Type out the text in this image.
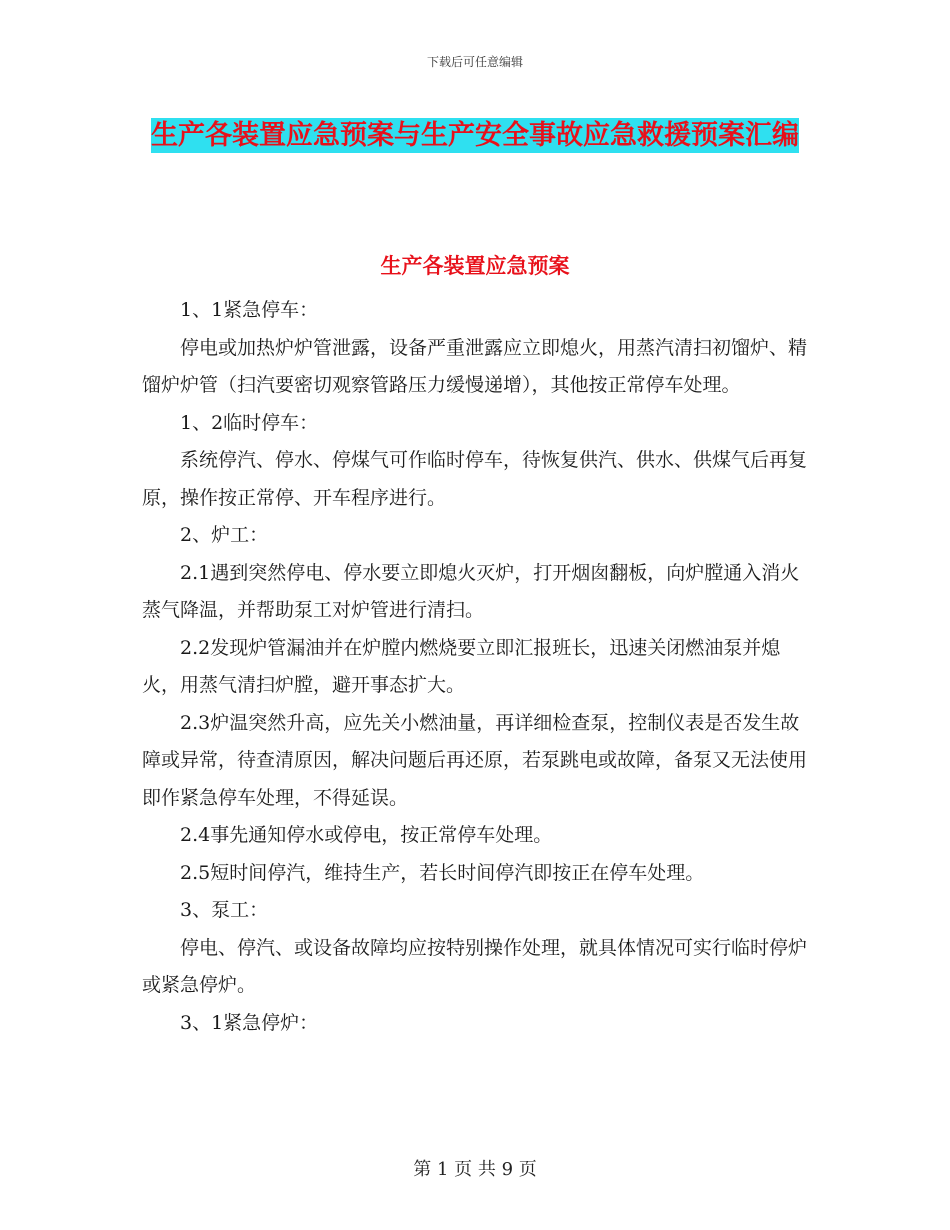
下载后可任意编辑
生产各装置应急预案与生产安全事故应急救援预案汇编
生产各装置应急预案

1、1紧急停车：

停电或加热炉炉管泄露，设备严重泄露应立即熄火，用蒸汽清扫初馏炉、精馏炉炉管（扫汽要密切观察管路压力缓慢递增），其他按正常停车处理。

1、2临时停车：

系统停汽、停水、停煤气可作临时停车，待恢复供汽、供水、供煤气后再复原，操作按正常停、开车程序进行。

2、炉工：

2.1遇到突然停电、停水要立即熄火灭炉，打开烟囱翻板，向炉膛通入消火蒸气降温，并帮助泵工对炉管进行清扫。

2.2发现炉管漏油并在炉膛内燃烧要立即汇报班长，迅速关闭燃油泵并熄火，用蒸气清扫炉膛，避开事态扩大。

2.3炉温突然升高，应先关小燃油量，再详细检查泵，控制仪表是否发生故障或异常，待查清原因，解决问题后再还原，若泵跳电或故障，备泵又无法使用即作紧急停车处理，不得延误。

2.4事先通知停水或停电，按正常停车处理。

2.5短时间停汽，维持生产，若长时间停汽即按正在停车处理。

3、泵工：

停电、停汽、或设备故障均应按特别操作处理，就具体情况可实行临时停炉或紧急停炉。

3、1紧急停炉：

第 1 页 共 9 页
